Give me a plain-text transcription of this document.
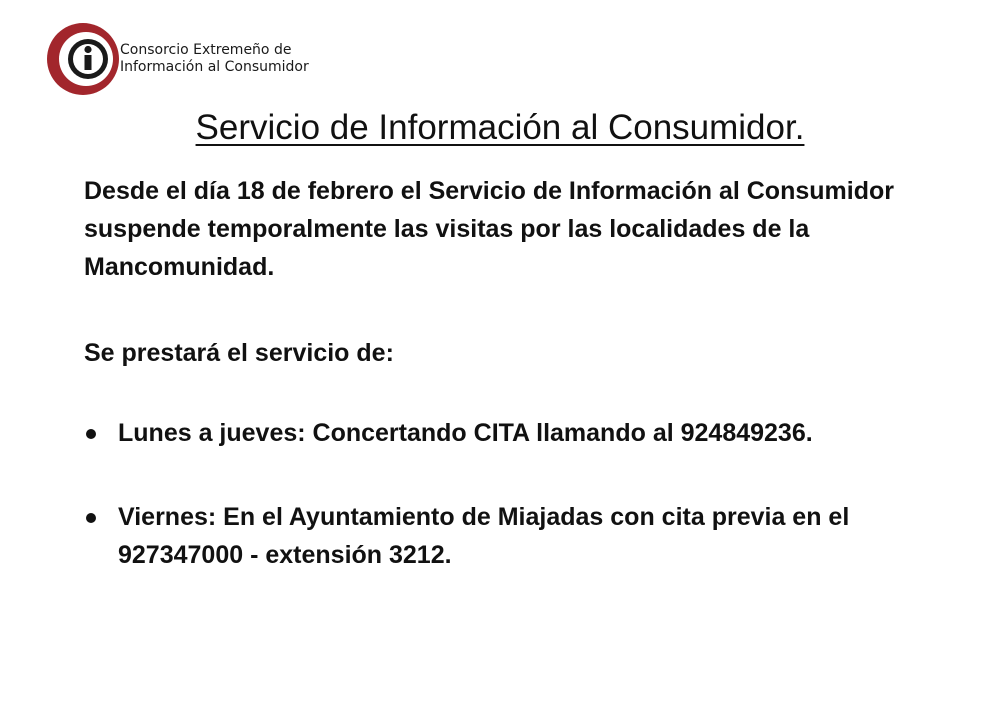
Consorcio Extremeño de
Información al Consumidor
Servicio de Información al Consumidor.

Desde el día 18 de febrero el Servicio de Información al Consumidor suspende temporalmente las visitas por las localidades de la Mancomunidad.

Se prestará el servicio de:

Lunes a jueves: Concertando CITA llamando al 924849236.
Viernes: En el Ayuntamiento de Miajadas con cita previa en el 927347000 - extensión 3212.
